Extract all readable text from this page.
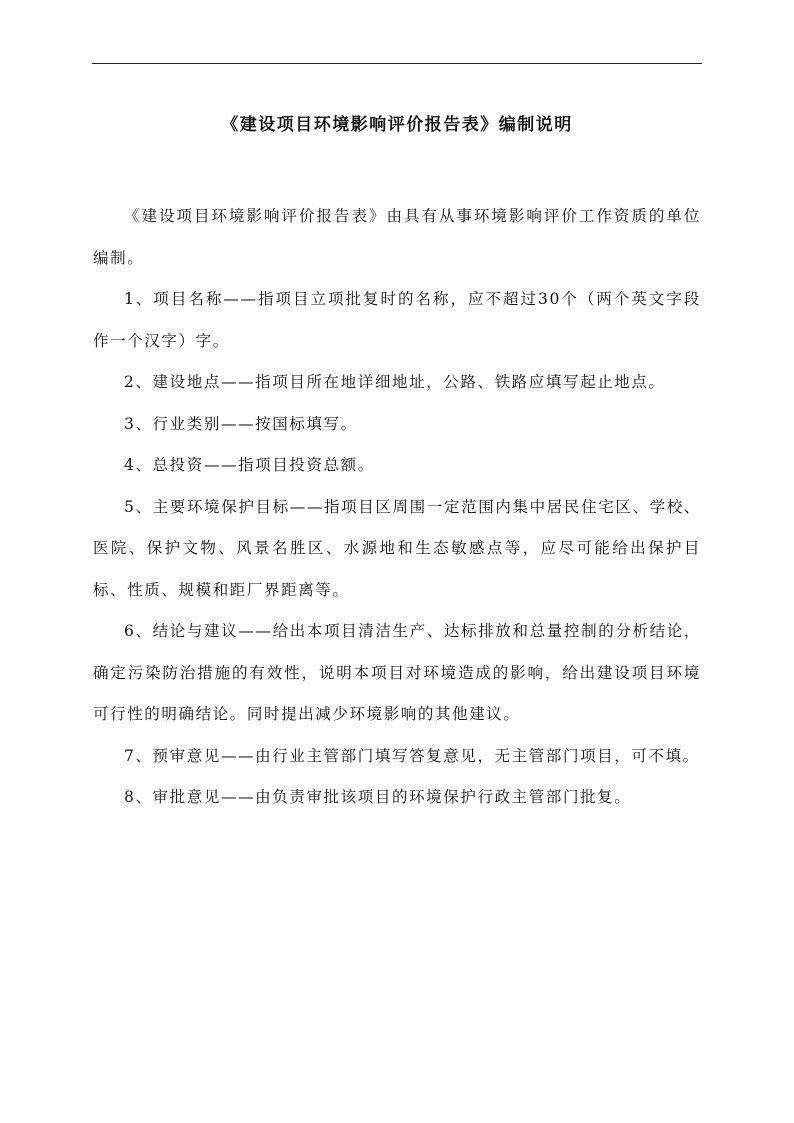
《建设项目环境影响评价报告表》编制说明

《建设项目环境影响评价报告表》由具有从事环境影响评价工作资质的单位编制。

1、项目名称——指项目立项批复时的名称，应不超过30个（两个英文字段作一个汉字）字。

2、建设地点——指项目所在地详细地址，公路、铁路应填写起止地点。

3、行业类别——按国标填写。

4、总投资——指项目投资总额。

5、主要环境保护目标——指项目区周围一定范围内集中居民住宅区、学校、医院、保护文物、风景名胜区、水源地和生态敏感点等，应尽可能给出保护目标、性质、规模和距厂界距离等。

6、结论与建议——给出本项目清洁生产、达标排放和总量控制的分析结论，确定污染防治措施的有效性，说明本项目对环境造成的影响，给出建设项目环境可行性的明确结论。同时提出减少环境影响的其他建议。

7、预审意见——由行业主管部门填写答复意见，无主管部门项目，可不填。

8、审批意见——由负责审批该项目的环境保护行政主管部门批复。
